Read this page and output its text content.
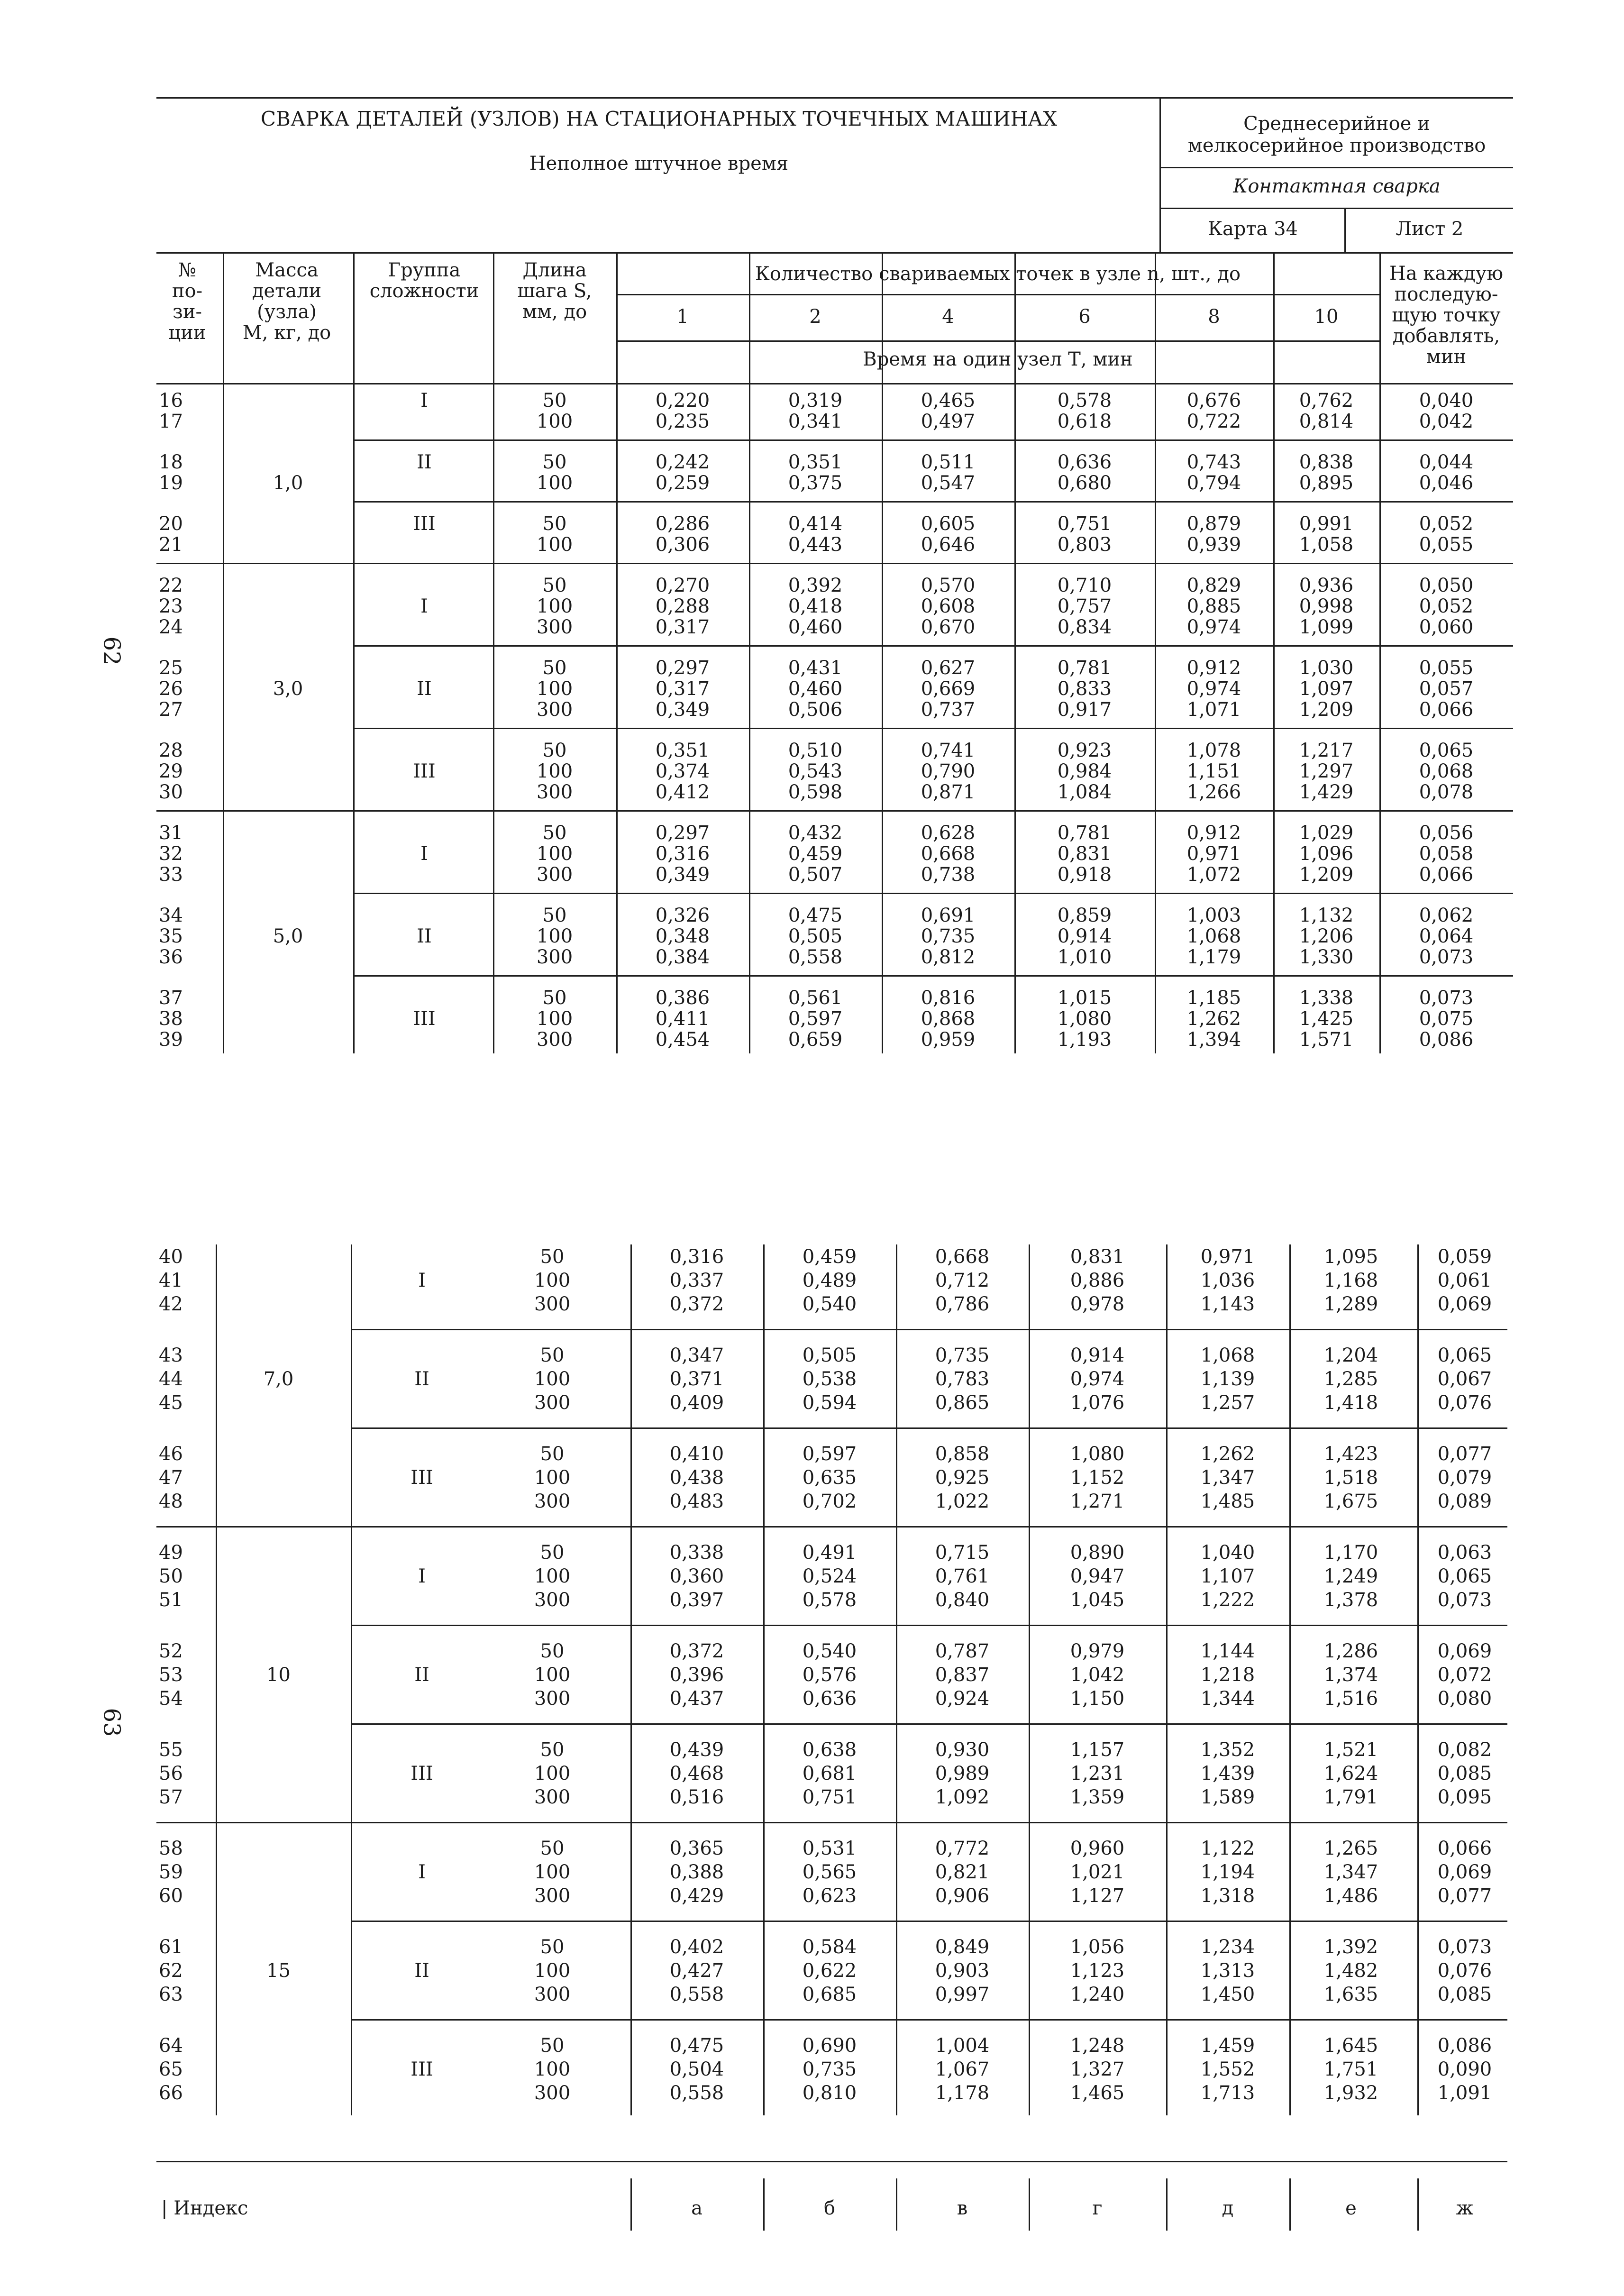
СВАРКА ДЕТАЛЕЙ (УЗЛОВ) НА СТАЦИОНАРНЫХ ТОЧЕЧНЫХ МАШИНАХ
Неполное штучное время
Среднесерийное и мелкосерийное производство
Контактная сварка
Карта 34	Лист 2
№
по-
зи-
ции
Масса
детали
(узла)
М, кг, до
Группа
сложности
Длина
шага S,
мм, до
Количество свариваемых точек в узле n, шт., до
Время на один узел Т, мин
На каждую
последую-
щую точку
добавлять,
мин
1	2	4	6	8	10
16	I	50	0,220	0,319	0,465	0,578	0,676	0,762	0,040
17	100	0,235	0,341	0,497	0,618	0,722	0,814	0,042
18	II	50	0,242	0,351	0,511	0,636	0,743	0,838	0,044
19	1,0	100	0,259	0,375	0,547	0,680	0,794	0,895	0,046
20	III	50	0,286	0,414	0,605	0,751	0,879	0,991	0,052
21	100	0,306	0,443	0,646	0,803	0,939	1,058	0,055
22	50	0,270	0,392	0,570	0,710	0,829	0,936	0,050
23	I	100	0,288	0,418	0,608	0,757	0,885	0,998	0,052
24	300	0,317	0,460	0,670	0,834	0,974	1,099	0,060
25	50	0,297	0,431	0,627	0,781	0,912	1,030	0,055
26	3,0	II	100	0,317	0,460	0,669	0,833	0,974	1,097	0,057
27	300	0,349	0,506	0,737	0,917	1,071	1,209	0,066
28	50	0,351	0,510	0,741	0,923	1,078	1,217	0,065
29	III	100	0,374	0,543	0,790	0,984	1,151	1,297	0,068
30	300	0,412	0,598	0,871	1,084	1,266	1,429	0,078
31	50	0,297	0,432	0,628	0,781	0,912	1,029	0,056
32	I	100	0,316	0,459	0,668	0,831	0,971	1,096	0,058
33	300	0,349	0,507	0,738	0,918	1,072	1,209	0,066
34	50	0,326	0,475	0,691	0,859	1,003	1,132	0,062
35	5,0	II	100	0,348	0,505	0,735	0,914	1,068	1,206	0,064
36	300	0,384	0,558	0,812	1,010	1,179	1,330	0,073
37	50	0,386	0,561	0,816	1,015	1,185	1,338	0,073
38	III	100	0,411	0,597	0,868	1,080	1,262	1,425	0,075
39	300	0,454	0,659	0,959	1,193	1,394	1,571	0,086
40	50	0,316	0,459	0,668	0,831	0,971	1,095	0,059
41	I	100	0,337	0,489	0,712	0,886	1,036	1,168	0,061
42	300	0,372	0,540	0,786	0,978	1,143	1,289	0,069
43	50	0,347	0,505	0,735	0,914	1,068	1,204	0,065
44	7,0	II	100	0,371	0,538	0,783	0,974	1,139	1,285	0,067
45	300	0,409	0,594	0,865	1,076	1,257	1,418	0,076
46	50	0,410	0,597	0,858	1,080	1,262	1,423	0,077
47	III	100	0,438	0,635	0,925	1,152	1,347	1,518	0,079
48	300	0,483	0,702	1,022	1,271	1,485	1,675	0,089
49	50	0,338	0,491	0,715	0,890	1,040	1,170	0,063
50	I	100	0,360	0,524	0,761	0,947	1,107	1,249	0,065
51	300	0,397	0,578	0,840	1,045	1,222	1,378	0,073
52	50	0,372	0,540	0,787	0,979	1,144	1,286	0,069
53	10	II	100	0,396	0,576	0,837	1,042	1,218	1,374	0,072
54	300	0,437	0,636	0,924	1,150	1,344	1,516	0,080
55	50	0,439	0,638	0,930	1,157	1,352	1,521	0,082
56	III	100	0,468	0,681	0,989	1,231	1,439	1,624	0,085
57	300	0,516	0,751	1,092	1,359	1,589	1,791	0,095
58	50	0,365	0,531	0,772	0,960	1,122	1,265	0,066
59	I	100	0,388	0,565	0,821	1,021	1,194	1,347	0,069
60	300	0,429	0,623	0,906	1,127	1,318	1,486	0,077
61	50	0,402	0,584	0,849	1,056	1,234	1,392	0,073
62	15	II	100	0,427	0,622	0,903	1,123	1,313	1,482	0,076
63	300	0,558	0,685	0,997	1,240	1,450	1,635	0,085
64	50	0,475	0,690	1,004	1,248	1,459	1,645	0,086
65	III	100	0,504	0,735	1,067	1,327	1,552	1,751	0,090
66	300	0,558	0,810	1,178	1,465	1,713	1,932	1,091
62
63
| Индекс	а	б	в	г	д	е	ж
